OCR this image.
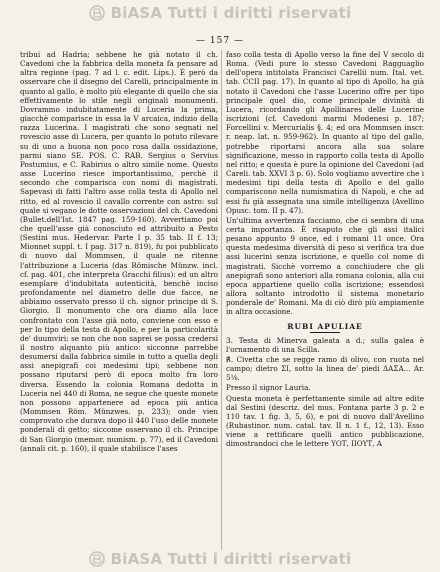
BiASA Tutti i diritti riservati
— 157 —

tribui ad Hadria; sebbene he già notato il ch. Cavedoni che la fabbrica della moneta fa pensare ad altra regione (pag. 7 ad l. c. edit. Lips.). È però da osservare che il disegno del Carelli, principalmente in quanto al gallo, è molto più elegante di quello che sia effettivamente lo stile negli originali monumenti. Dovrammo indubitatamente di Luceria la prima, giacchè comparisce in essa la V arcaica, indizio della razza Lucerina. I magistrati che sono segnati nel rovescio asse di Lucera, per quanto lo potuto rilevare su di uno a buona non poco rosa dalla ossidazione, parmi siano SE. POS. C. RAB. Sergius o Servius Postumius, e C. Rabirius o altro simile nome. Questo asse Lucerino riesce importantissimo, perchè il secondo che comparisca con nomi di magistrati. Sapevasi di fatti l'altro asse colla testa di Apollo nel ritto, ed al rovescio il cavallo corrente con astro: sul quale si vegano le dotte osservazioni del ch. Cavedoni (Bullet.dell'Ist. 1847 pag. 159-160). Avvertiamo poi che quell'asse già conosciuto ed attribuito a Pesto (Sestini mus. Hedervar. Parte I p. 35 tab. II f. 13; Mionnet suppl. t. I pag. 317 n. 819), fu poi pubblicato di nuovo dal Mommsen, il quale ne ritenne l'attribuzione a Luceria (das Römische Münzw. incl. cf. pag. 401, che interpreta Gracchi filius): ed un altro esemplare d'indubitata autenticità, benchè inciso profondamente nel diametro delle due facce, ne abbiamo osservato presso il ch. signor principe di S. Giorgio. Il monumento che ora diamo alla luce confrontato con l'asse già noto, conviene con esso e per lo tipo della testa di Apollo, e per la particolarità de' duumviri; se non che non saprei se possa credersi il nostro alquanto più antico: sicconne parrebbe desumersi dalla fabbrica simile in tutto a quella degli assi anepigrafi coi medesimi tipi; sebbene non possano riputarsi però di epoca molto fra loro diversa. Essendo la colonia Romana dedotta in Luceria nel 440 di Roma, ne segue che queste monete non possono appartenere ad epoca più antica (Mommsen Röm. Münzwes. p. 233); onde vien comprovato che durava dopo il 440 l'uso delle monete ponderali di getto; siccome osservano il ch. Principe di San Giorgio (memor. numism. p. 77), ed il Cavedoni (annali cit. p. 160), il quale stabilisce l'ases

faso colla testa di Apollo verso la fine del V secolo di Roma. (Vedi pure lo stesso Cavedoni Ragguaglio dell'opera intitolata Francisci Carellii num. Ital. vet. tab. CCII pag. 17). In quanto al tipo di Apollo, ha già notato il Cavedoni che l'asse Lucerino offre per tipo principale quel dio, come principale divinità di Lucera, ricordando gli Apollinares delle Lucerine iscrizioni (cf. Cavedoni marmi Modenesi p. 187; Forcellini v. Mercurialis §. 4; ed ora Mommsen inscr. r. neap. lat. n. 959-962). In quanto al tipo del gallo, potrebbe riportarsi ancora alla sua solare significazione, messo in rapporto colla testa di Apollo nel ritto; e questa è pure la opinione del Cavedoni (ad Careli. tab. XXVI 3 p. 6). Solo vogliamo avvertire che i medesimi tipi della testa di Apollo e del gallo compariscono nella numismatica di Napoli, e che ad essi fu già assegnata una simile intelligenza (Avellino Opusc. tom. II p. 47).

Un'ultima avvertenza facciamo, che ci sembra di una certa importanza. È risaputo che gli assi italici pesano appunto 9 once, ed i romani 11 once. Ora questa medesima diversità di peso si verifica tra due assi lucerini senza iscrizione, e quello col nome di magistrati. Sicchè vorremo a conchiudere che gli anepigrafi sono anteriori alla romana colonia, alla cui epoca appartiene quello colla iscrizione; essendosi allora soltanto introdotto il sistema monetario ponderale de' Romani. Ma di ciò dirò più ampiamente in altra occasione.

RUBI APULIAE

3. Testa di Minerva galeata a d.; sulla galea è l'ornamento di una Scilla.

℟. Civetta che se regge ramo di olivo, con ruota nel campo; dietro ΣΙ, sotto la linea de' piedi ΔΑΣΑ... Ar. 5⅛.

Presso il signor Lauria.

Questa moneta è perfettamente simile ad altre edite dal Sestini (descriz. del mus. Fontana parte 3 p. 2 e 110 tav. 1 fig. 3, 5, 6), e poi di nuovo dall'Avellino (Rubastinor. num. catal. tav. II n. 1 f., 12, 13). Esso viene a rettificare quelli antico pubblicazione, dimostrandoci che le lettere ΥΟΤ, ΙΙΟΥΤ, Α

BiASA Tutti i diritti riservati
